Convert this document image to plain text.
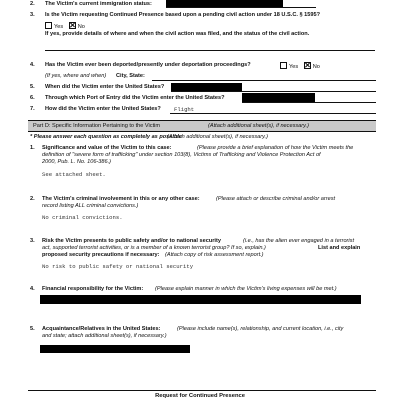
2. The Victim's current immigration status:
3. Is the Victim requesting Continued Presence based upon a pending civil action under 18 U.S.C. § 1595?
Yes	No
If yes, provide details of where and when the civil action was filed, and the status of the civil action.
4. Has the Victim ever been deported/presently under deportation proceedings?	Yes	No
(If yes, where and when) City, State:
5. When did the Victim enter the United States?
6. Through which Port of Entry did the Victim enter the United States?
7. How did the Victim enter the United States? Flight
Part D: Specific Information Pertaining to the Victim	(Attach additional sheet(s), if necessary.)
* Please answer each question as completely as possible
(Attach additional sheet(s), if necessary.)
1. Significance and value of the Victim to this case:	(Please provide a brief explanation of how the Victim meets the
definition of "severe form of trafficking" under section 103(8), Victims of Trafficking and Violence Protection Act of
2000, Pub. L. No. 106-386.)
See attached sheet.
2. The Victim's criminal involvement in this or any other case:	(Please attach or describe criminal and/or arrest
record listing ALL criminal convictions.)
No criminal convictions.
3. Risk the Victim presents to public safety and/or to national security	(i.e., has the alien ever engaged in a terrorist
act, supported terrorist activities, or is a member of a known terrorist group? If so, explain.)	List and explain
proposed security precautions if necessary: (Attach copy of risk assessment report.)
No risk to public safety or national security
4. Financial responsibility for the Victim: (Please explain manner in which the Victim's living expenses will be met.)
5. Acquaintance/Relatives in the United States:	(Please include name(s), relationship, and current location, i.e., city
and state; attach additional sheet(s), if necessary.)
Request for Continued Presence
